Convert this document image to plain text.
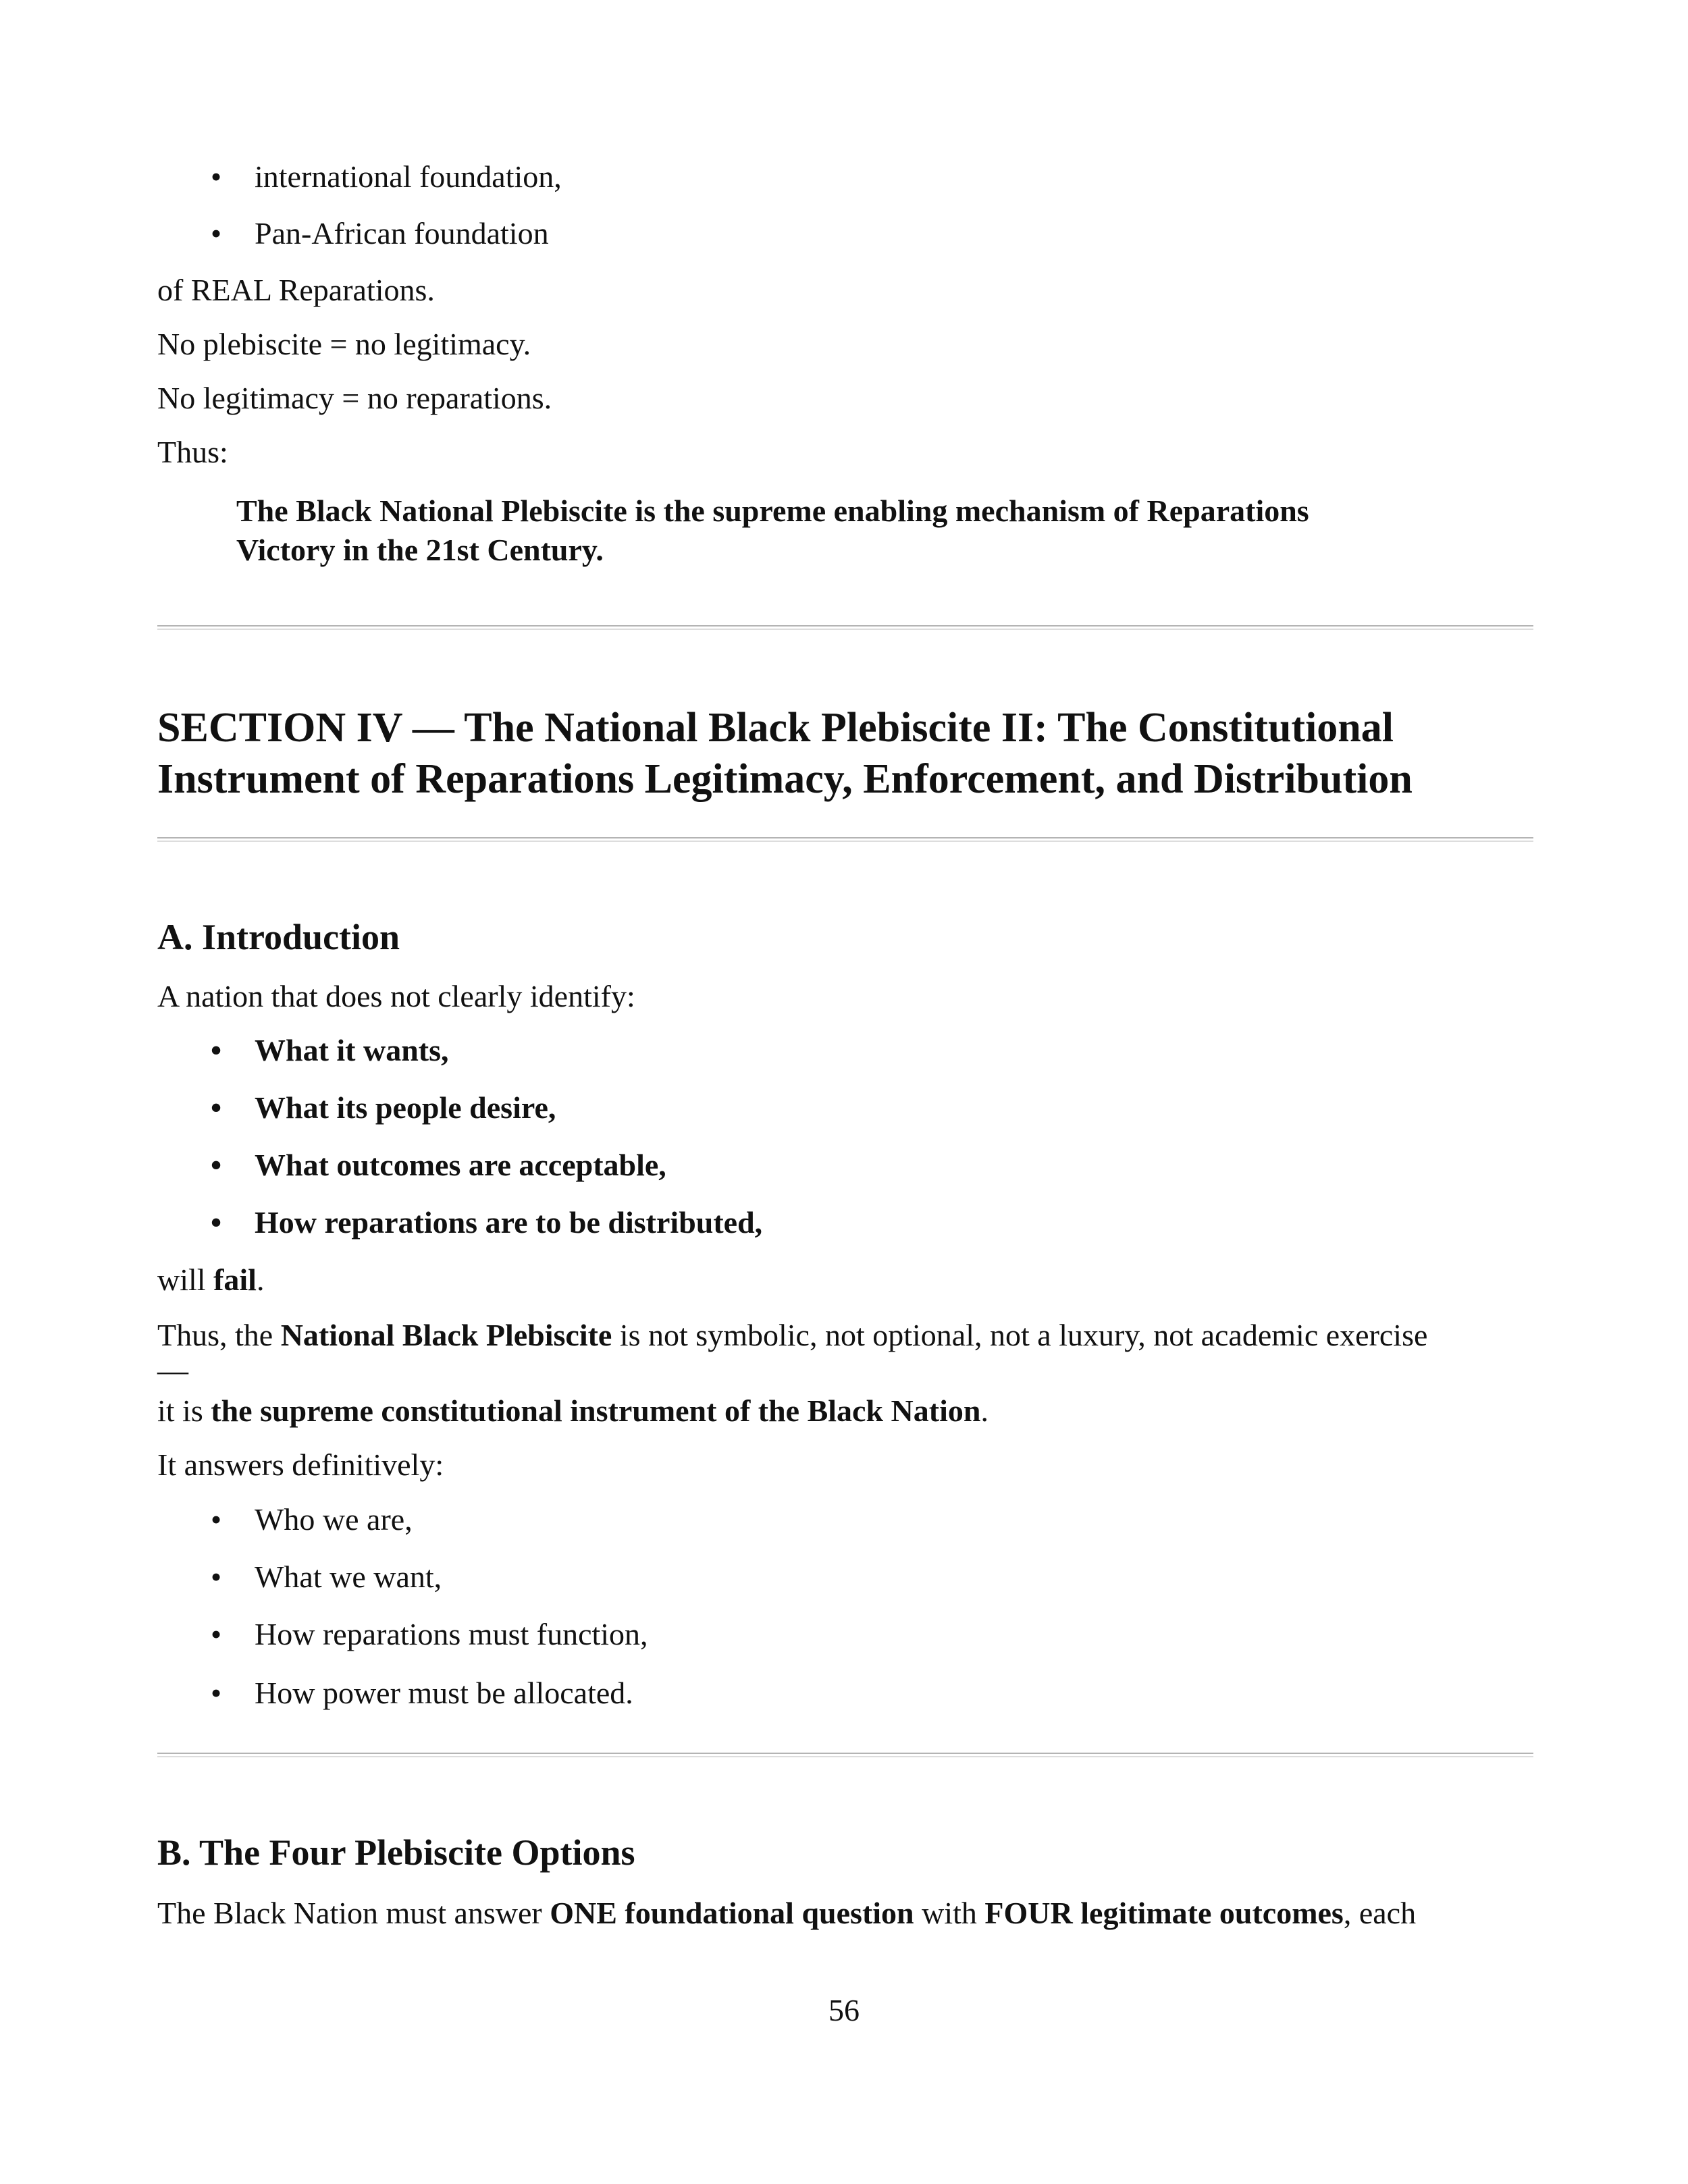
• international foundation,
• Pan-African foundation
of REAL Reparations.
No plebiscite = no legitimacy.
No legitimacy = no reparations.
Thus:
The Black National Plebiscite is the supreme enabling mechanism of Reparations
Victory in the 21st Century.
SECTION IV — The National Black Plebiscite II: The Constitutional
Instrument of Reparations Legitimacy, Enforcement, and Distribution
A. Introduction
A nation that does not clearly identify:
• What it wants,
• What its people desire,
• What outcomes are acceptable,
• How reparations are to be distributed,
will fail.
Thus, the National Black Plebiscite is not symbolic, not optional, not a luxury, not academic exercise
—
it is the supreme constitutional instrument of the Black Nation.
It answers definitively:
• Who we are,
• What we want,
• How reparations must function,
• How power must be allocated.
B. The Four Plebiscite Options
The Black Nation must answer ONE foundational question with FOUR legitimate outcomes, each
56
